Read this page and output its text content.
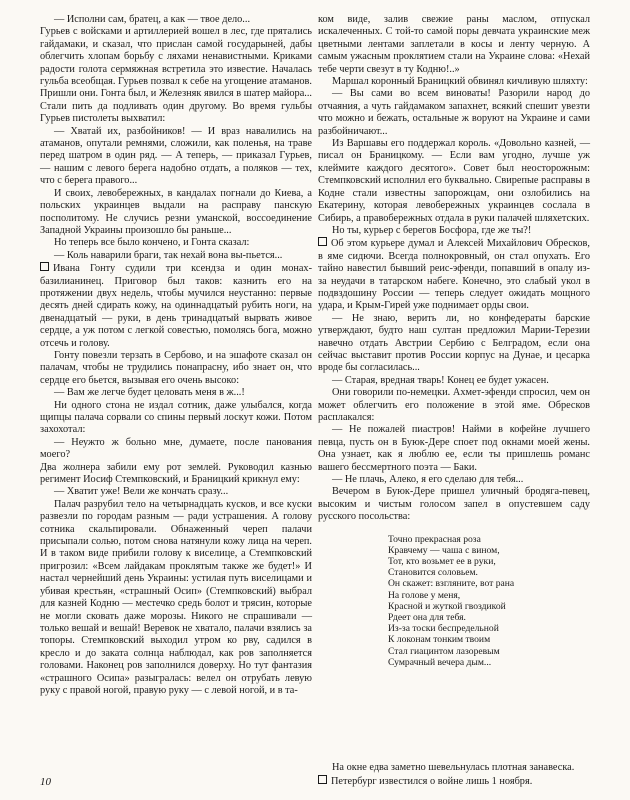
— Исполни сам, братец, а как — твое дело...

Гурьев с войсками и артиллерией вошел в лес, где прятались гайдамаки, и сказал, что прислан самой государыней, дабы облегчить хлопам борьбу с ляхами ненавистными. Криками радости голота сермяжная встретила это известие. Началась гульба всеобщая. Гурьев позвал к себе на угощение атаманов. Пришли они. Гонта был, и Железняк явился в шатер майора... Стали пить да подливать один другому. Во время гульбы Гурьев пистолеты выхватил:

— Хватай их, разбойников! — И враз навалились на атаманов, опутали ремнями, сложили, как поленья, на траве перед шатром в один ряд. — А теперь, — приказал Гурьев, — нашим с левого берега надобно отдать, а поляков — тех, что с берега правого...

И своих, левобережных, в кандалах погнали до Киева, а польских украинцев выдали на расправу панскую посполитому. Не случись резни уманской, воссоединение Западной Украины произошло бы раньше...

Но теперь все было кончено, и Гонта сказал:

— Коль наварили браги, так нехай вона вы-пьется...

Ивана Гонту судили три ксендза и один монах-базилианинец. Приговор был таков: казнить его на протяжении двух недель, чтобы мучился неустанно: первые десять дней сдирать кожу, на одиннадцатый рубить ноги, на двенадцатый — руки, в день тринадцатый вырвать живое сердце, а уж потом с легкой совестью, помолясь бога, можно отсечь и голову.

Гонту повезли терзать в Сербово, и на эшафоте сказал он палачам, чтобы не трудились понапрасну, ибо знает он, что сердце его бьется, вызывая его очень высоко:

— Вам же легче будет целовать меня в ж...!

Ни одного стона не издал сотник, даже улыбался, когда щипцы палача сорвали со спины первый лоскут кожи. Потом захохотал:

— Неужто ж больно мне, думаете, после панования моего?

Два жолнера забили ему рот землей. Руководил казнью регимент Иосиф Стемпковский, и Браницкий крикнул ему:

— Хватит уже! Вели же кончать сразу...

Палач разрубил тело на четырнадцать кусков, и все куски развезли по городам разным — ради устрашения. А голову сотника скальпировали. Обнаженный череп палачи присыпали солью, потом снова натянули кожу лица на череп. И в таком виде прибили голову к виселице, а Стемпковский пригрозил: «Всем лайдакам проклятым также же будет!» И настал чернейший день Украины: устилая путь виселицами и убивая крестьян, «страшный Осип» (Стемпковский) выбрал для казней Кодню — местечко средь болот и трясин, которые не могли сковать даже морозы. Никого не спрашивали — только вешай и вешай! Веревок не хватало, палачи взялись за топоры. Стемпковский выходил утром ко рву, садился в кресло и до заката солнца наблюдал, как ров заполняется головами. Наконец ров заполнился доверху. Но тут фантазия «страшного Осипа» разыгралась: велел он отрубать левую руку с правой ногой, правую руку — с левой ногой, и в та-

ком виде, залив свежие раны маслом, отпускал искалеченных. С той-то самой поры девчата украинские меж цветными лентами заплетали в косы и ленту черную. А самым ужасным проклятием стали на Украине слова: «Нехай тебе черти свезут в ту Кодню!..»

Маршал коронный Браницкий обвинял кичливую шляхту:

— Вы сами во всем виноваты! Разорили народ до отчаяния, а чуть гайдамаком запахнет, всякий спешит увезти что можно и бежать, остальные ж воруют на Украине и сами разбойничают...

Из Варшавы его поддержал король. «Довольно казней, — писал он Браницкому. — Если вам угодно, лучше уж клеймите каждого десятого». Совет был неосторожным: Стемпковский исполнил его буквально. Свирепые расправы в Кодне стали известны запорожцам, они озлобились на Екатерину, которая левобережных украинцев сослала в Сибирь, а правобережных отдала в руки палачей шляхетских.

Но ты, курьер с берегов Босфора, где же ты?!

Об этом курьере думал и Алексей Михайлович Обресков, в яме сидючи. Всегда полнокровный, он стал опухать. Его тайно навестил бывший реис-эфенди, попавший в опалу из-за неудачи в татарском набеге. Конечно, это слабый укол в подвздошину России — теперь следует ожидать мощного удара, и Крым-Гирей уже поднимает орды свои.

— Не знаю, верить ли, но конфедераты барские утверждают, будто наш султан предложил Марии-Терезии навечно отдать Австрии Сербию с Белградом, если она сейчас выставит против России корпус на Дунае, и цесарка вроде бы согласилась...

— Старая, вредная тварь! Конец ее будет ужасен.

Они говорили по-немецки. Ахмет-эфенди спросил, чем он может облегчить его положение в этой яме. Обресков расплакался:

— Не пожалей пиастров! Найми в кофейне лучшего певца, пусть он в Буюк-Дере споет под окнами моей жены. Она узнает, как я люблю ее, если ты пришлешь романс вашего бессмертного поэта — Баки.

— Не плачь, Алеко, я его сделаю для тебя...

Вечером в Буюк-Дере пришел уличный бродяга-певец, высоким и чистым голосом запел в опустевшем саду русского посольства:

Точно прекрасная роза
Кравчему — чаша с вином,
Тот, кто возьмет ее в руки,
Становится соловьем.
Он скажет: взгляните, вот рана
На голове у меня,
Красной и жуткой гвоздикой
Рдеет она для тебя.
Из-за тоски беспредельной
К локонам тонким твоим
Стал гиацинтом лазоревым
Сумрачный вечера дым...

На окне едва заметно шевельнулась плотная занавеска.

Петербург известился о войне лишь 1 ноября.

10
